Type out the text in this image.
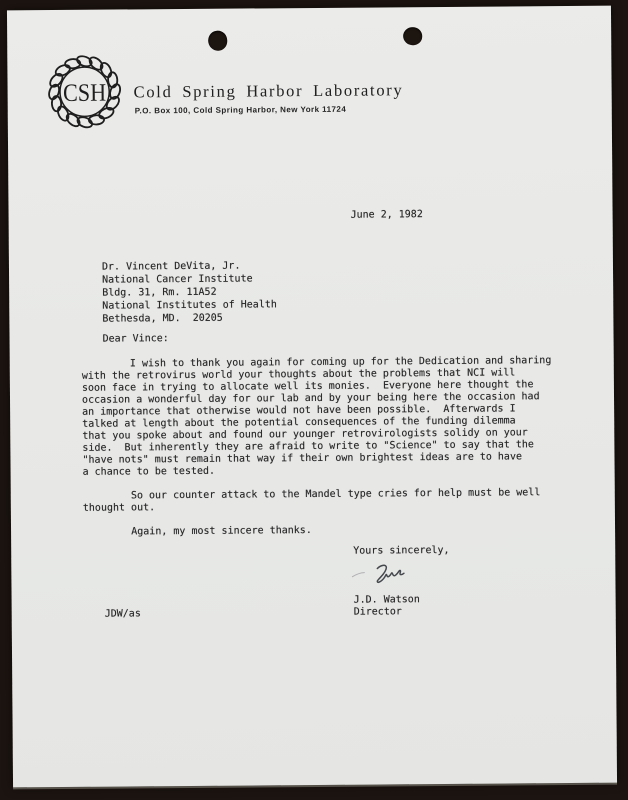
CSH Cold Spring Harbor Laboratory
P.O. Box 100, Cold Spring Harbor, New York 11724
June 2, 1982
Dr. Vincent DeVita, Jr.
National Cancer Institute
Bldg. 31, Rm. 11A52
National Institutes of Health
Bethesda, MD.  20205
Dear Vince:
I wish to thank you again for coming up for the Dedication and sharing
with the retrovirus world your thoughts about the problems that NCI will
soon face in trying to allocate well its monies.  Everyone here thought the
occasion a wonderful day for our lab and by your being here the occasion had
an importance that otherwise would not have been possible.  Afterwards I
talked at length about the potential consequences of the funding dilemma
that you spoke about and found our younger retrovirologists solidy on your
side.  But inherently they are afraid to write to "Science" to say that the
"have nots" must remain that way if their own brightest ideas are to have
a chance to be tested.
So our counter attack to the Mandel type cries for help must be well
thought out.
Again, my most sincere thanks.
Yours sincerely,
J.D. Watson
Director
JDW/as
